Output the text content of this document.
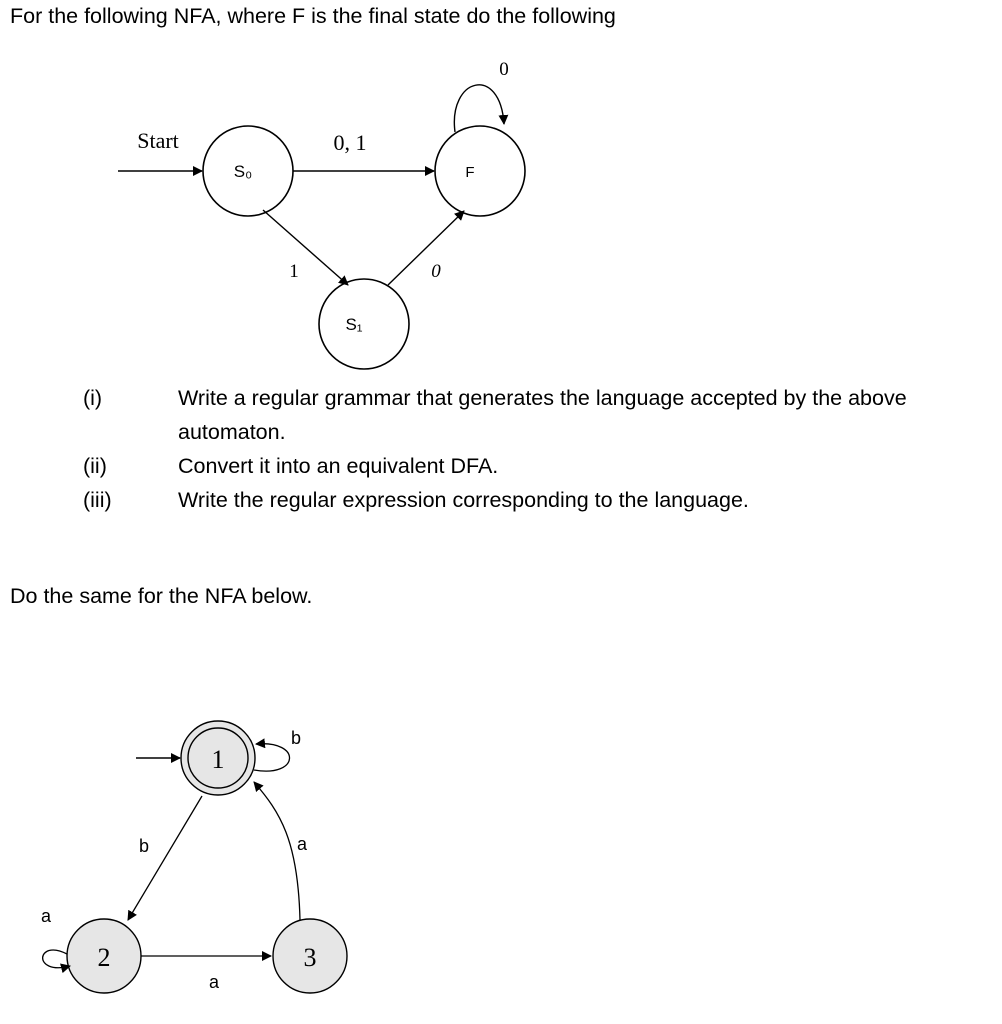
For the following NFA, where F is the final state do the following

Start
S₀	F
S₁
0, 1
0
1	0
(i)	Write a regular grammar that generates the language accepted by the above
automaton.
(ii)	Convert it into an equivalent DFA.
(iii)	Write the regular expression corresponding to the language.

Do the same for the NFA below.

1
b
2
a
3
b	a
a
